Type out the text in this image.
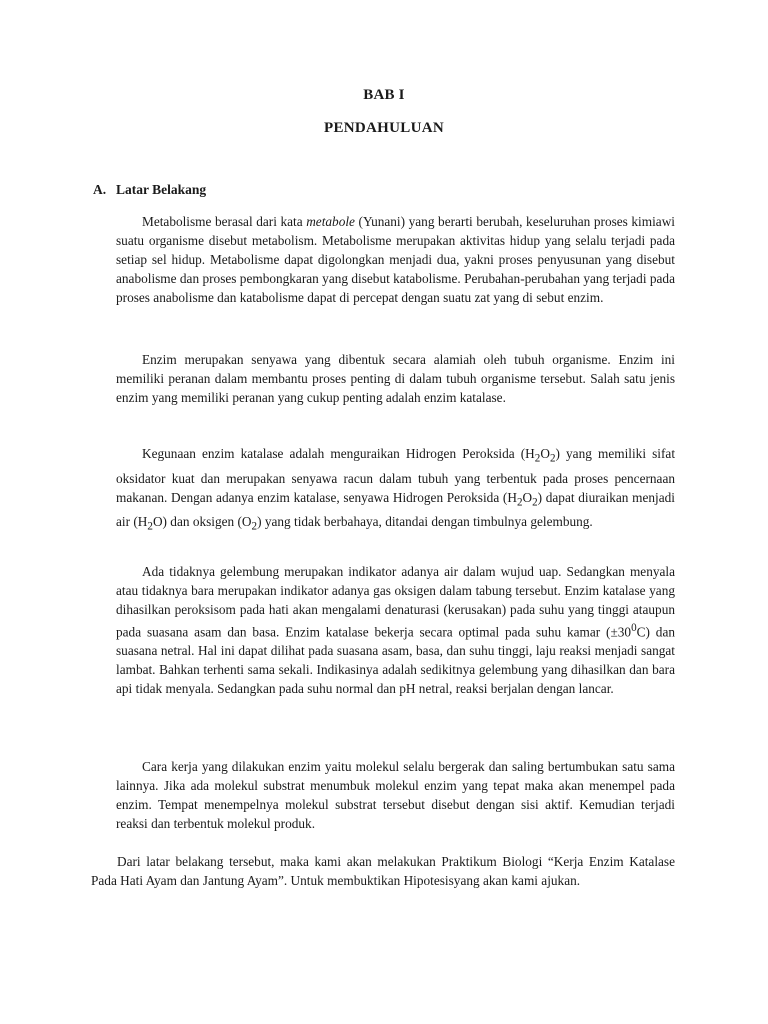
BAB I
PENDAHULUAN
A. Latar Belakang

Metabolisme berasal dari kata metabole (Yunani) yang berarti berubah, keseluruhan proses kimiawi suatu organisme disebut metabolism. Metabolisme merupakan aktivitas hidup yang selalu terjadi pada setiap sel hidup. Metabolisme dapat digolongkan menjadi dua, yakni proses penyusunan yang disebut anabolisme dan proses pembongkaran yang disebut katabolisme. Perubahan-perubahan yang terjadi pada proses anabolisme dan katabolisme dapat di percepat dengan suatu zat yang di sebut enzim.

Enzim merupakan senyawa yang dibentuk secara alamiah oleh tubuh organisme. Enzim ini memiliki peranan dalam membantu proses penting di dalam tubuh organisme tersebut. Salah satu jenis enzim yang memiliki peranan yang cukup penting adalah enzim katalase.

Kegunaan enzim katalase adalah menguraikan Hidrogen Peroksida $(H_2O_2)$ yang memiliki sifat oksidator kuat dan merupakan senyawa racun dalam tubuh yang terbentuk pada proses pencernaan makanan. Dengan adanya enzim katalase, senyawa Hidrogen Peroksida $(H_2O_2)$ dapat diuraikan menjadi air $(H_2O)$ dan oksigen $(O_2)$ yang tidak berbahaya, ditandai dengan timbulnya gelembung.

Ada tidaknya gelembung merupakan indikator adanya air dalam wujud uap. Sedangkan menyala atau tidaknya bara merupakan indikator adanya gas oksigen dalam tabung tersebut. Enzim katalase yang dihasilkan peroksisom pada hati akan mengalami denaturasi (kerusakan) pada suhu yang tinggi ataupun pada suasana asam dan basa. Enzim katalase bekerja secara optimal pada suhu kamar $(\pm 30^0C)$ dan suasana netral. Hal ini dapat dilihat pada suasana asam, basa, dan suhu tinggi, laju reaksi menjadi sangat lambat. Bahkan terhenti sama sekali. Indikasinya adalah sedikitnya gelembung yang dihasilkan dan bara api tidak menyala. Sedangkan pada suhu normal dan pH netral, reaksi berjalan dengan lancar.

Cara kerja yang dilakukan enzim yaitu molekul selalu bergerak dan saling bertumbukan satu sama lainnya. Jika ada molekul substrat menumbuk molekul enzim yang tepat maka akan menempel pada enzim. Tempat menempelnya molekul substrat tersebut disebut dengan sisi aktif. Kemudian terjadi reaksi dan terbentuk molekul produk.

Dari latar belakang tersebut, maka kami akan melakukan Praktikum Biologi “Kerja Enzim Katalase Pada Hati Ayam dan Jantung Ayam”. Untuk membuktikan Hipotesisyang akan kami ajukan.
